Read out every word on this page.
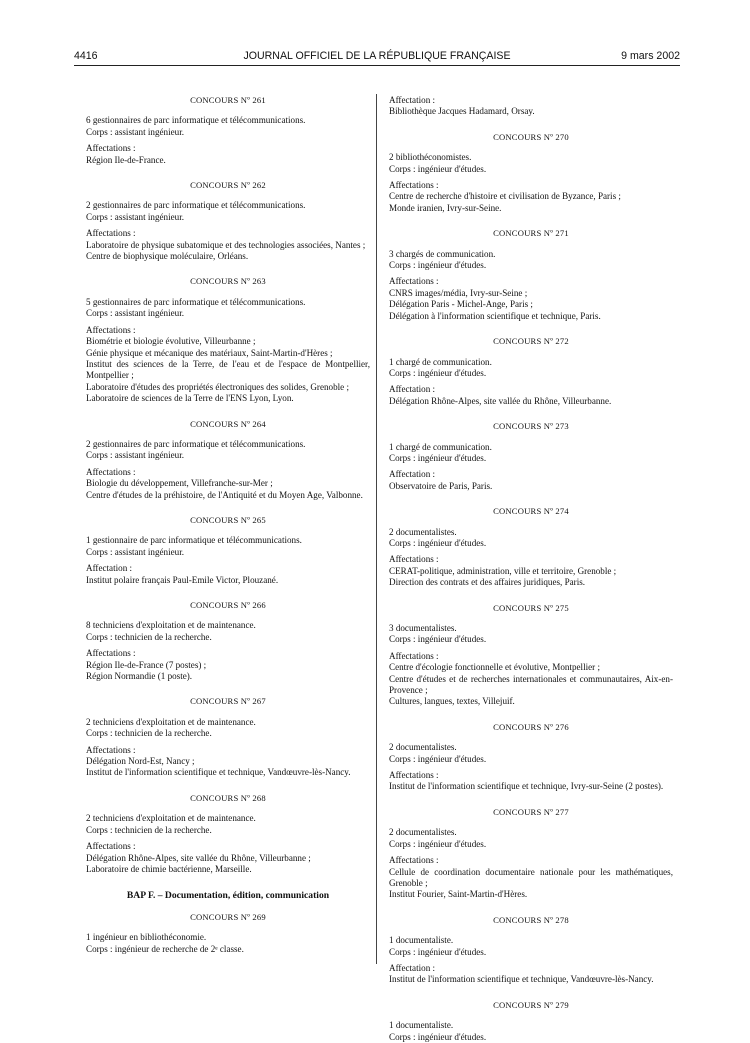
4416	JOURNAL OFFICIEL DE LA RÉPUBLIQUE FRANÇAISE	9 mars 2002
CONCOURS Nº 261
6 gestionnaires de parc informatique et télécommunications.
Corps : assistant ingénieur.
Affectations :
Région Ile-de-France.
CONCOURS Nº 262
2 gestionnaires de parc informatique et télécommunications.
Corps : assistant ingénieur.
Affectations :
Laboratoire de physique subatomique et des technologies associées, Nantes ;
Centre de biophysique moléculaire, Orléans.
CONCOURS Nº 263
5 gestionnaires de parc informatique et télécommunications.
Corps : assistant ingénieur.
Affectations :
Biométrie et biologie évolutive, Villeurbanne ;
Génie physique et mécanique des matériaux, Saint-Martin-d'Hères ;
Institut des sciences de la Terre, de l'eau et de l'espace de Montpellier, Montpellier ;
Laboratoire d'études des propriétés électroniques des solides, Grenoble ;
Laboratoire de sciences de la Terre de l'ENS Lyon, Lyon.
CONCOURS Nº 264
2 gestionnaires de parc informatique et télécommunications.
Corps : assistant ingénieur.
Affectations :
Biologie du développement, Villefranche-sur-Mer ;
Centre d'études de la préhistoire, de l'Antiquité et du Moyen Age, Valbonne.
CONCOURS Nº 265
1 gestionnaire de parc informatique et télécommunications.
Corps : assistant ingénieur.
Affectation :
Institut polaire français Paul-Emile Victor, Plouzané.
CONCOURS Nº 266
8 techniciens d'exploitation et de maintenance.
Corps : technicien de la recherche.
Affectations :
Région Ile-de-France (7 postes) ;
Région Normandie (1 poste).
CONCOURS Nº 267
2 techniciens d'exploitation et de maintenance.
Corps : technicien de la recherche.
Affectations :
Délégation Nord-Est, Nancy ;
Institut de l'information scientifique et technique, Vandœuvre-lès-Nancy.
CONCOURS Nº 268
2 techniciens d'exploitation et de maintenance.
Corps : technicien de la recherche.
Affectations :
Délégation Rhône-Alpes, site vallée du Rhône, Villeurbanne ;
Laboratoire de chimie bactérienne, Marseille.
BAP F. – Documentation, édition, communication
CONCOURS Nº 269
1 ingénieur en bibliothéconomie.
Corps : ingénieur de recherche de 2ᵉ classe.
Affectation :
Bibliothèque Jacques Hadamard, Orsay.
CONCOURS Nº 270
2 bibliothéconomistes.
Corps : ingénieur d'études.
Affectations :
Centre de recherche d'histoire et civilisation de Byzance, Paris ;
Monde iranien, Ivry-sur-Seine.
CONCOURS Nº 271
3 chargés de communication.
Corps : ingénieur d'études.
Affectations :
CNRS images/média, Ivry-sur-Seine ;
Délégation Paris - Michel-Ange, Paris ;
Délégation à l'information scientifique et technique, Paris.
CONCOURS Nº 272
1 chargé de communication.
Corps : ingénieur d'études.
Affectation :
Délégation Rhône-Alpes, site vallée du Rhône, Villeurbanne.
CONCOURS Nº 273
1 chargé de communication.
Corps : ingénieur d'études.
Affectation :
Observatoire de Paris, Paris.
CONCOURS Nº 274
2 documentalistes.
Corps : ingénieur d'études.
Affectations :
CERAT-politique, administration, ville et territoire, Grenoble ;
Direction des contrats et des affaires juridiques, Paris.
CONCOURS Nº 275
3 documentalistes.
Corps : ingénieur d'études.
Affectations :
Centre d'écologie fonctionnelle et évolutive, Montpellier ;
Centre d'études et de recherches internationales et communautaires, Aix-en-Provence ;
Cultures, langues, textes, Villejuif.
CONCOURS Nº 276
2 documentalistes.
Corps : ingénieur d'études.
Affectations :
Institut de l'information scientifique et technique, Ivry-sur-Seine (2 postes).
CONCOURS Nº 277
2 documentalistes.
Corps : ingénieur d'études.
Affectations :
Cellule de coordination documentaire nationale pour les mathématiques, Grenoble ;
Institut Fourier, Saint-Martin-d'Hères.
CONCOURS Nº 278
1 documentaliste.
Corps : ingénieur d'études.
Affectation :
Institut de l'information scientifique et technique, Vandœuvre-lès-Nancy.
CONCOURS Nº 279
1 documentaliste.
Corps : ingénieur d'études.
